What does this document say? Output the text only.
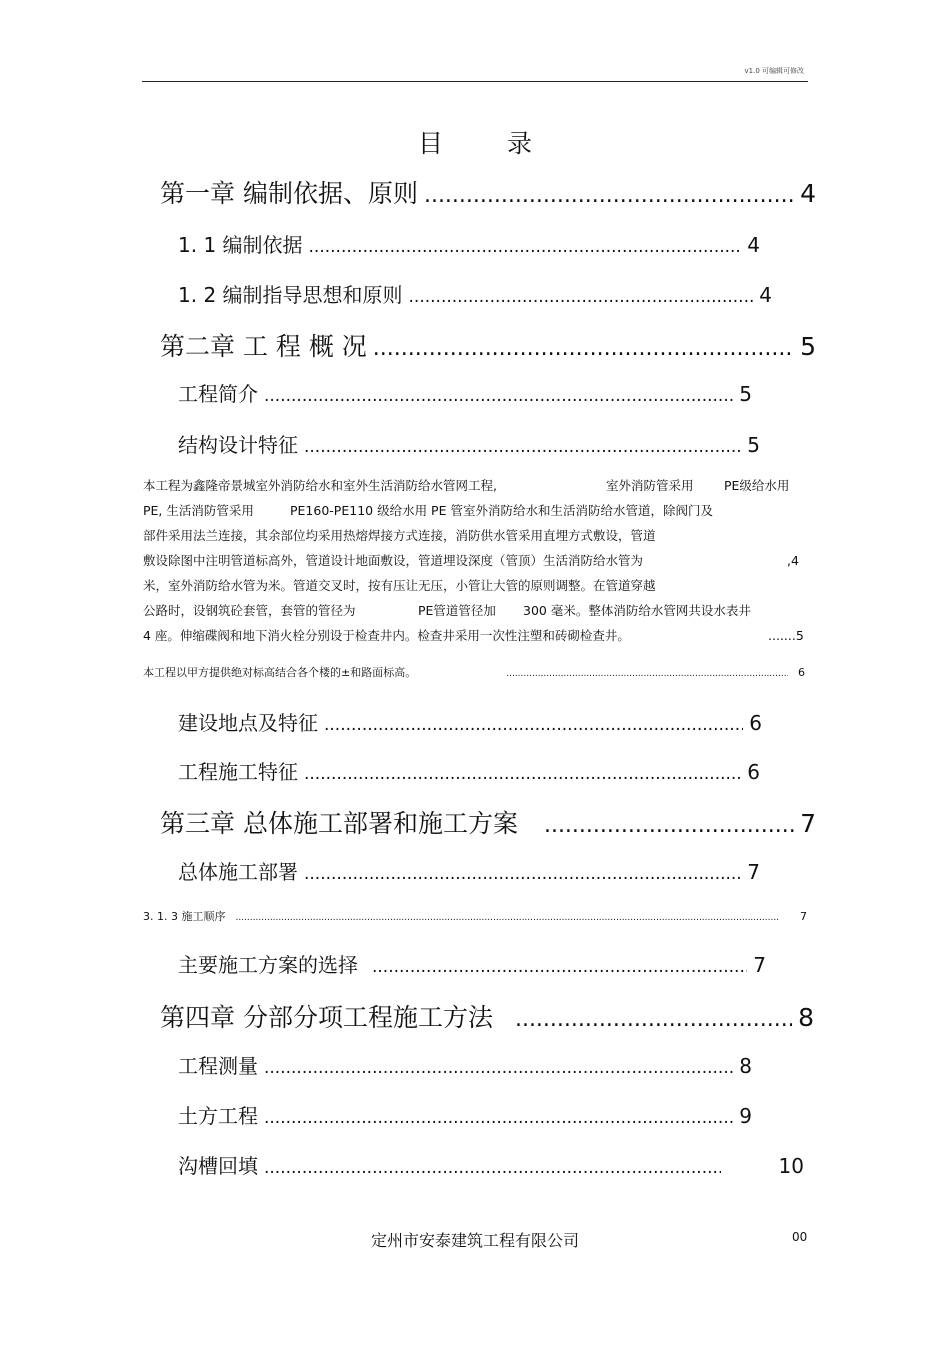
v1.0 可编辑可修改
目 录
第一章 编制依据、原则 .....	4
1. 1 编制依据 .....	4
1. 2 编制指导思想和原则 .....	4
第二章 工 程 概 况 .....	5
工程简介 .....	5
结构设计特征 .....	5
本工程为鑫隆帝景城室外消防给水和室外生活消防给水管网工程,	室外消防管采用 PE级给水用
PE, 生活消防管采用	PE160-PE110 级给水用 PE 管室外消防给水和生活消防给水管道，除阀门及
部件采用法兰连接，其余部位均采用热熔焊接方式连接，消防供水管采用直埋方式敷设，管道
敷设除图中注明管道标高外，管道设计地面敷设，管道埋设深度（管顶）生活消防给水管为	,4
米，室外消防给水管为米。管道交叉时，按有压让无压，小管让大管的原则调整。在管道穿越
公路时，设钢筑砼套管，套管的管径为	PE管道管径加 300 毫米。整体消防给水管网共设水表井
4 座。伸缩碟阀和地下消火栓分别设于检查井内。检查井采用一次性注塑和砖砌检查井。	.......5
本工程以甲方提供绝对标高结合各个楼的±和路面标高。 .....	6
建设地点及特征 .....	6
工程施工特征 .....	6
第三章 总体施工部署和施工方案 .....	7
总体施工部署 .....	7
3. 1. 3 施工顺序 .....	7
主要施工方案的选择 .....	7
第四章 分部分项工程施工方法 .....	8
工程测量 .....	8
土方工程 .....	9
沟槽回填 .....	10
定州市安泰建筑工程有限公司	00
